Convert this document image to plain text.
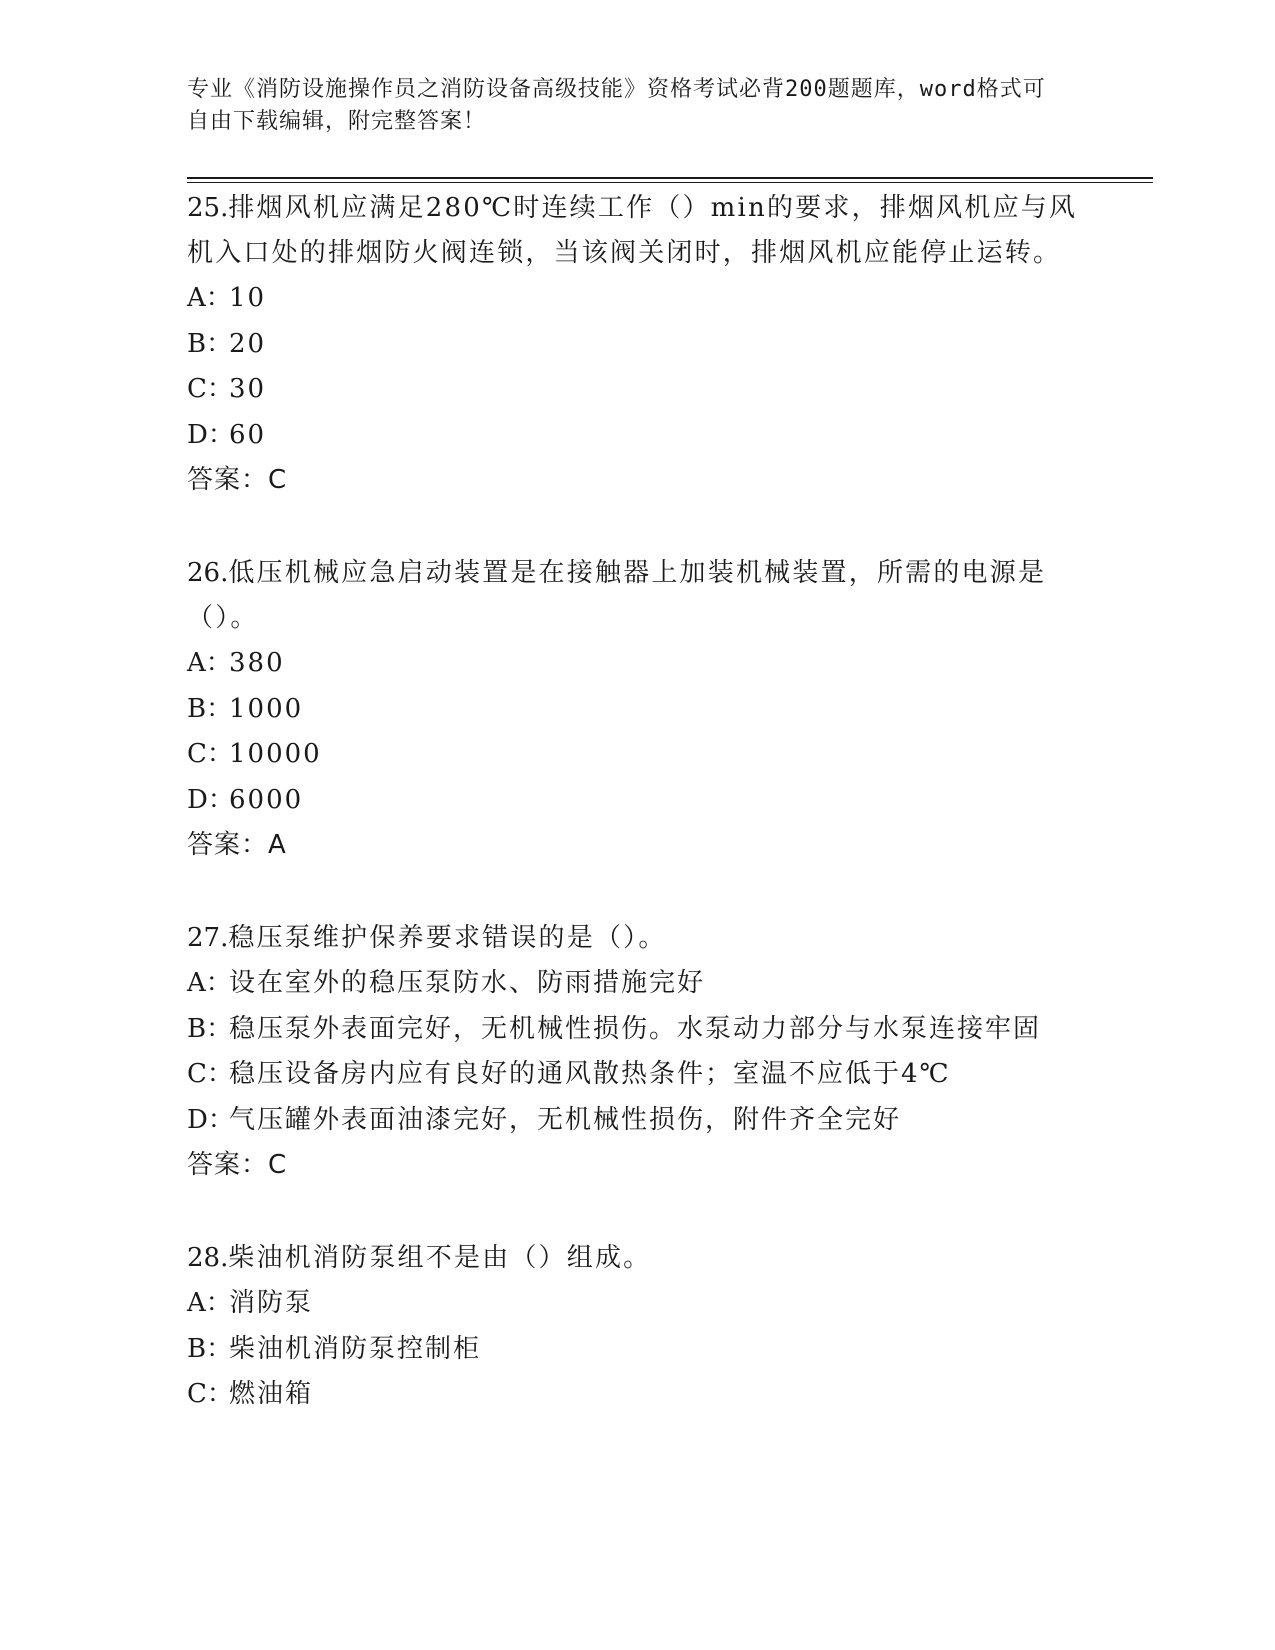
专业《消防设施操作员之消防设备高级技能》资格考试必背200题题库，word格式可自由下载编辑，附完整答案！

25.排烟风机应满足280℃时连续工作（）min的要求，排烟风机应与风机入口处的排烟防火阀连锁，当该阀关闭时，排烟风机应能停止运转。

A：10

B：20

C：30

D：60

答案：C

26.低压机械应急启动装置是在接触器上加装机械装置，所需的电源是（）。

A：380

B：1000

C：10000

D：6000

答案：A

27.稳压泵维护保养要求错误的是（）。

A：设在室外的稳压泵防水、防雨措施完好

B：稳压泵外表面完好，无机械性损伤。水泵动力部分与水泵连接牢固

C：稳压设备房内应有良好的通风散热条件；室温不应低于4℃

D：气压罐外表面油漆完好，无机械性损伤，附件齐全完好

答案：C

28.柴油机消防泵组不是由（）组成。

A：消防泵

B：柴油机消防泵控制柜

C：燃油箱
